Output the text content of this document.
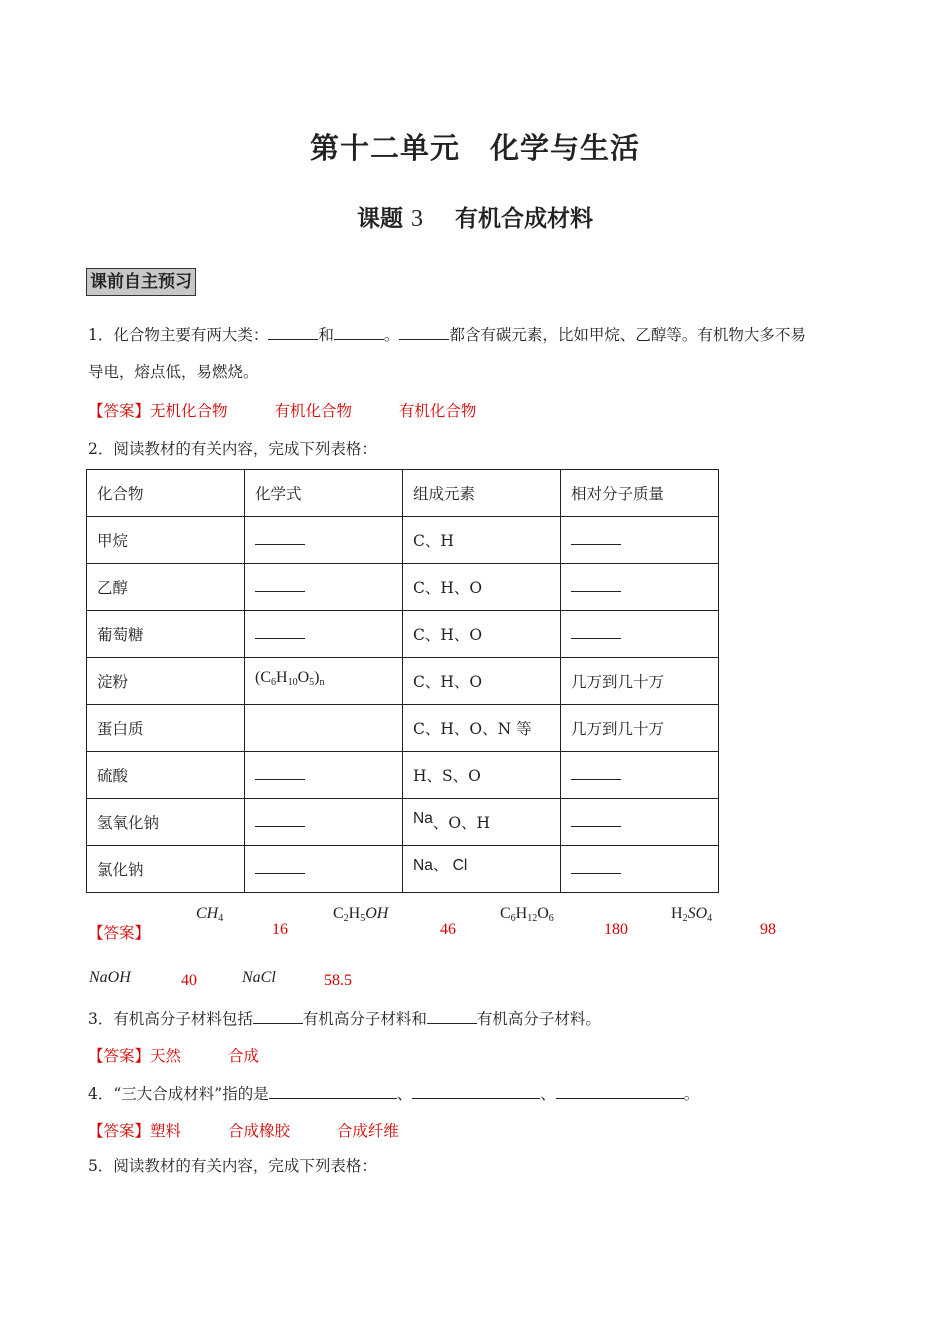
第十二单元　化学与生活
课题 3 有机合成材料
课前自主预习
1．化合物主要有两大类：	和	。	都含有碳元素，比如甲烷、乙醇等。有机物大多不易
导电，熔点低，易燃烧。
【答案】无机化合物	有机化合物	有机化合物
2．阅读教材的有关内容，完成下列表格：
化合物	化学式	组成元素	相对分子质量
甲烷		C、H	
乙醇		C、H、O	
葡萄糖		C、H、O	
淀粉	$(C_6H_{10}O_5)_n$	C、H、O	几万到几十万
蛋白质		C、H、O、N 等	几万到几十万
硫酸		H、S、O	
氢氧化钠		Na、O、H	
氯化钠		Na、 Cl	
【答案】
$CH_4$
16
$C_2H_5OH$
46
$C_6H_{12}O_6$
180
$H_2SO_4$
98
NaOH	40	NaCl	58.5
3．有机高分子材料包括	有机高分子材料和	有机高分子材料。
【答案】天然	合成
4．“三大合成材料”指的是	、	、	。
【答案】塑料	合成橡胶	合成纤维
5．阅读教材的有关内容，完成下列表格：
